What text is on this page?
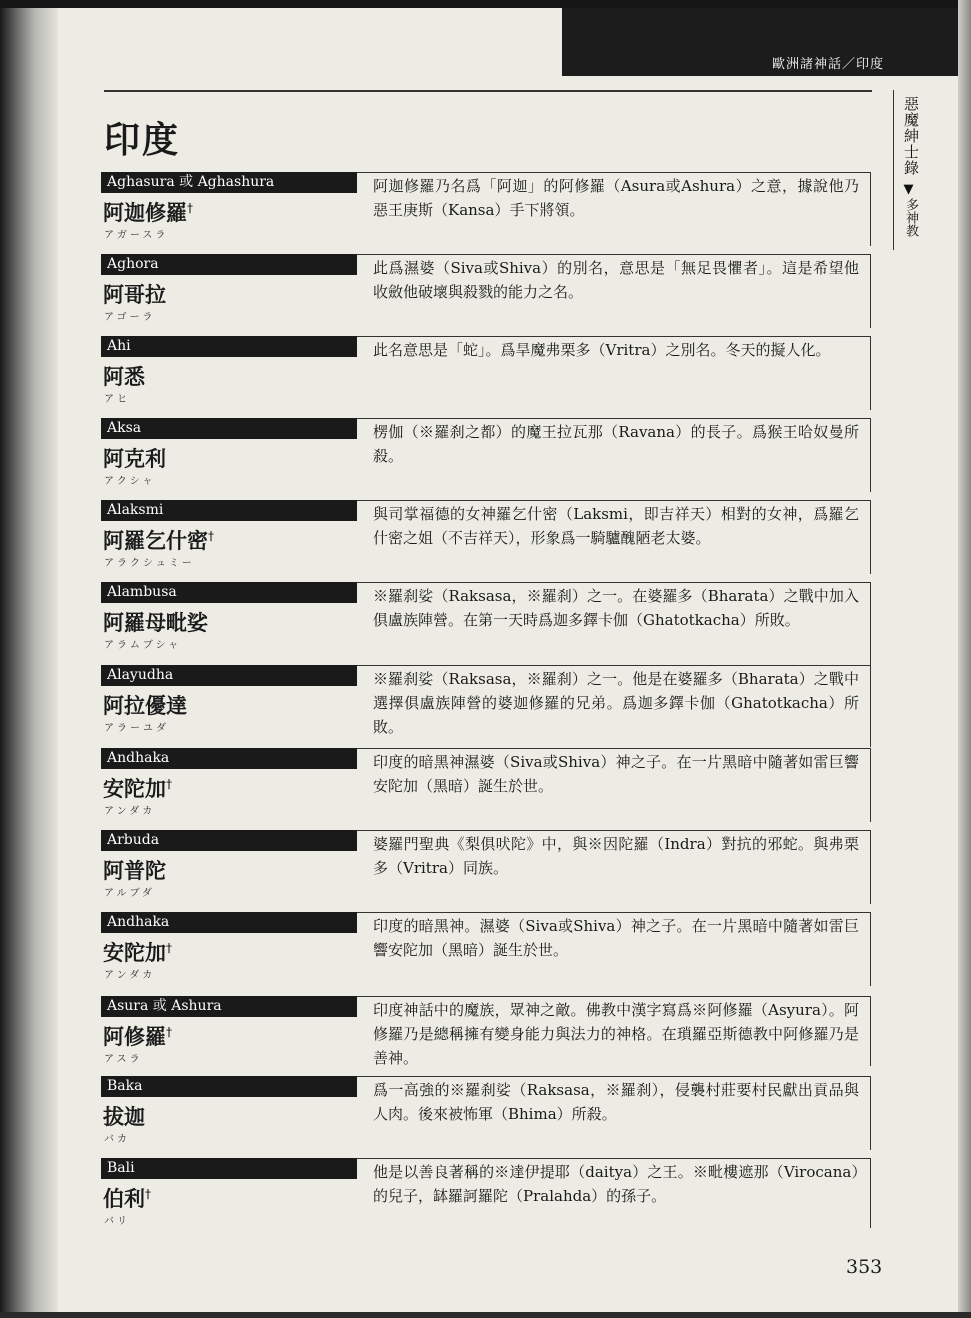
歐洲諸神話／印度
惡魔紳士錄
▼
多神教
印度
Aghasura 或 Aghashura
阿迦修羅†
アガースラ
阿迦修羅乃名爲「阿迦」的阿修羅（Asura或Ashura）之意，據說他乃惡王庚斯（Kansa）手下將領。
Aghora
阿哥拉
アゴーラ
此爲濕婆（Siva或Shiva）的別名，意思是「無足畏懼者」。這是希望他收斂他破壞與殺戮的能力之名。
Ahi
阿悉
アヒ
此名意思是「蛇」。爲旱魔弗栗多（Vritra）之別名。冬天的擬人化。
Aksa
阿克利
アクシャ
楞伽（※羅刹之都）的魔王拉瓦那（Ravana）的長子。爲猴王哈奴曼所殺。
Alaksmi
阿羅乞什密†
アラクシュミー
與司掌福德的女神羅乞什密（Laksmi，即吉祥天）相對的女神，爲羅乞什密之姐（不吉祥天），形象爲一騎驢醜陋老太婆。
Alambusa
阿羅母毗娑
アラムブシャ
※羅刹娑（Raksasa，※羅刹）之一。在婆羅多（Bharata）之戰中加入俱盧族陣營。在第一天時爲迦多鐸卡伽（Ghatotkacha）所敗。
Alayudha
阿拉優達
アラーユダ
※羅刹娑（Raksasa，※羅刹）之一。他是在婆羅多（Bharata）之戰中選擇俱盧族陣營的婆迦修羅的兄弟。爲迦多鐸卡伽（Ghatotkacha）所敗。
Andhaka
安陀加†
アンダカ
印度的暗黑神濕婆（Siva或Shiva）神之子。在一片黑暗中隨著如雷巨響安陀加（黑暗）誕生於世。
Arbuda
阿普陀
アルブダ
婆羅門聖典《梨俱吠陀》中，與※因陀羅（Indra）對抗的邪蛇。與弗栗多（Vritra）同族。
Andhaka
安陀加†
アンダカ
印度的暗黑神。濕婆（Siva或Shiva）神之子。在一片黑暗中隨著如雷巨響安陀加（黑暗）誕生於世。
Asura 或 Ashura
阿修羅†
アスラ
印度神話中的魔族，眾神之敵。佛教中漢字寫爲※阿修羅（Asyura）。阿修羅乃是總稱擁有變身能力與法力的神格。在瑣羅亞斯德教中阿修羅乃是善神。
Baka
拔迦
バカ
爲一高強的※羅刹娑（Raksasa，※羅刹），侵襲村莊要村民獻出貢品與人肉。後來被怖軍（Bhima）所殺。
Bali
伯利†
バリ
他是以善良著稱的※達伊提耶（daitya）之王。※毗樓遮那（Virocana）的兒子，缽羅訶羅陀（Pralahda）的孫子。
353
